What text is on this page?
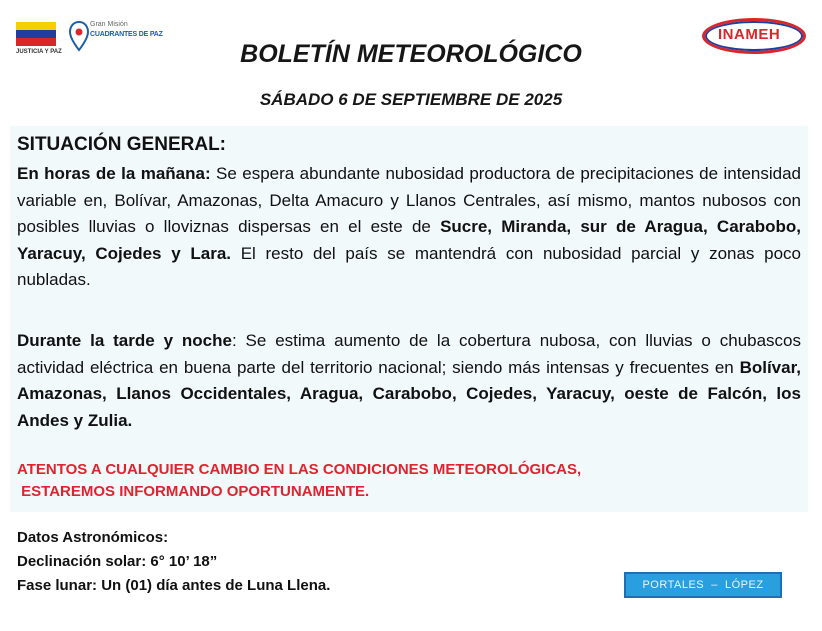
JUSTICIA Y PAZ
Gran Misión
CUADRANTES DE PAZ	INAMEH
BOLETÍN METEOROLÓGICO
SÁBADO 6 DE SEPTIEMBRE DE 2025
SITUACIÓN GENERAL:
En horas de la mañana: Se espera abundante nubosidad productora de precipitaciones de intensidad variable en, Bolívar, Amazonas, Delta Amacuro y Llanos Centrales, así mismo, mantos nubosos con posibles lluvias o lloviznas dispersas en el este de Sucre, Miranda, sur de Aragua, Carabobo, Yaracuy, Cojedes y Lara. El resto del país se mantendrá con nubosidad parcial y zonas poco nubladas.
Durante la tarde y noche: Se estima aumento de la cobertura nubosa, con lluvias o chubascos actividad eléctrica en buena parte del territorio nacional; siendo más intensas y frecuentes en Bolívar, Amazonas, Llanos Occidentales, Aragua, Carabobo, Cojedes, Yaracuy, oeste de Falcón, los Andes y Zulia.
ATENTOS A CUALQUIER CAMBIO EN LAS CONDICIONES METEOROLÓGICAS,
ESTAREMOS INFORMANDO OPORTUNAMENTE.
Datos Astronómicos:
Declinación solar: 6° 10’ 18”
Fase lunar: Un (01) día antes de Luna Llena.	PORTALES  –  LÓPEZ
